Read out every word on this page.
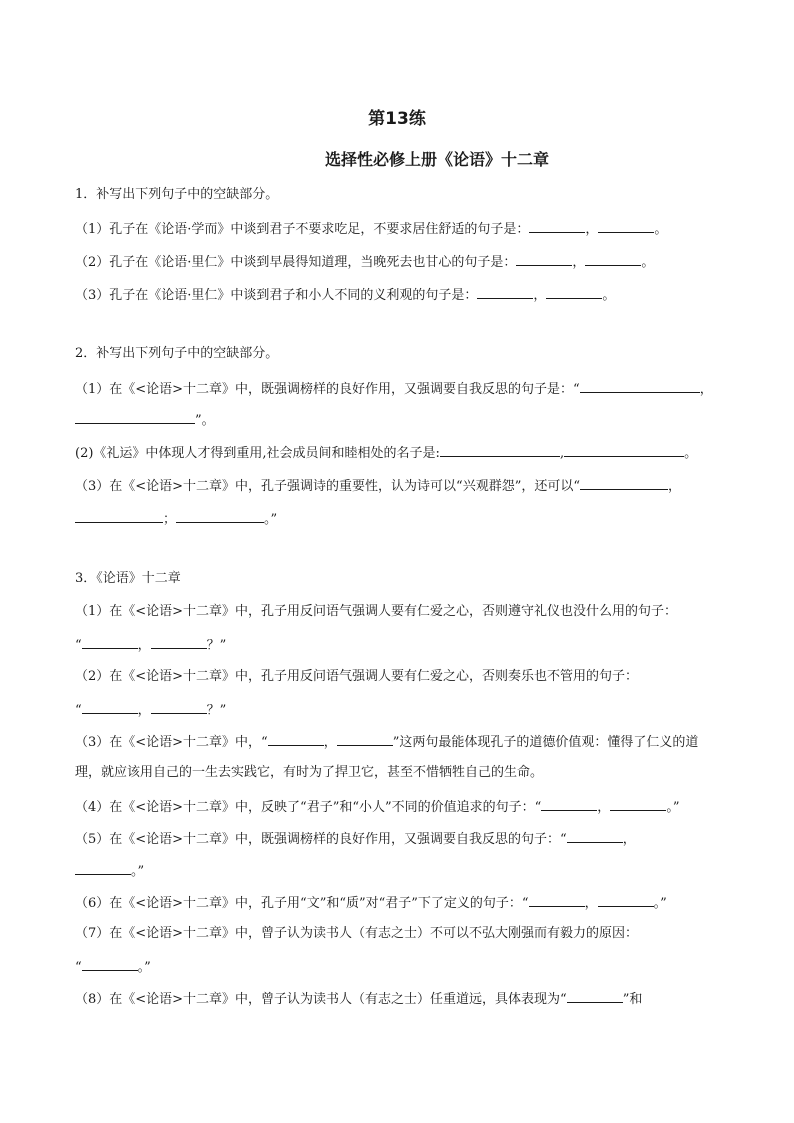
第13练
选择性必修上册《论语》十二章
1．补写出下列句子中的空缺部分。
（1）孔子在《论语·学而》中谈到君子不要求吃足，不要求居住舒适的句子是：	，	。
（2）孔子在《论语·里仁》中谈到早晨得知道理，当晚死去也甘心的句子是：	，	。
（3）孔子在《论语·里仁》中谈到君子和小人不同的义利观的句子是：	，	。
2．补写出下列句子中的空缺部分。
（1）在《<论语>十二章》中，既强调榜样的良好作用，又强调要自我反思的句子是：“	，
”。
(2)《礼运》中体现人才得到重用,社会成员间和睦相处的名子是:	,	。
（3）在《<论语>十二章》中，孔子强调诗的重要性，认为诗可以“兴观群怨”，还可以“	，
；	。”
3．《论语》十二章
（1）在《<论语>十二章》中，孔子用反问语气强调人要有仁爱之心，否则遵守礼仪也没什么用的句子：
“	，	？”
（2）在《<论语>十二章》中，孔子用反问语气强调人要有仁爱之心，否则奏乐也不管用的句子：
“	，	？”
（3）在《<论语>十二章》中，“	，	”这两句最能体现孔子的道德价值观：懂得了仁义的道
理，就应该用自己的一生去实践它，有时为了捍卫它，甚至不惜牺牲自己的生命。
（4）在《<论语>十二章》中，反映了“君子”和“小人”不同的价值追求的句子：“	，	。”
（5）在《<论语>十二章》中，既强调榜样的良好作用，又强调要自我反思的句子：“	，
。”
（6）在《<论语>十二章》中，孔子用“文”和“质”对“君子”下了定义的句子：“	，	。”
（7）在《<论语>十二章》中，曾子认为读书人（有志之士）不可以不弘大刚强而有毅力的原因：
“	。”
（8）在《<论语>十二章》中，曾子认为读书人（有志之士）任重道远，具体表现为“	”和
